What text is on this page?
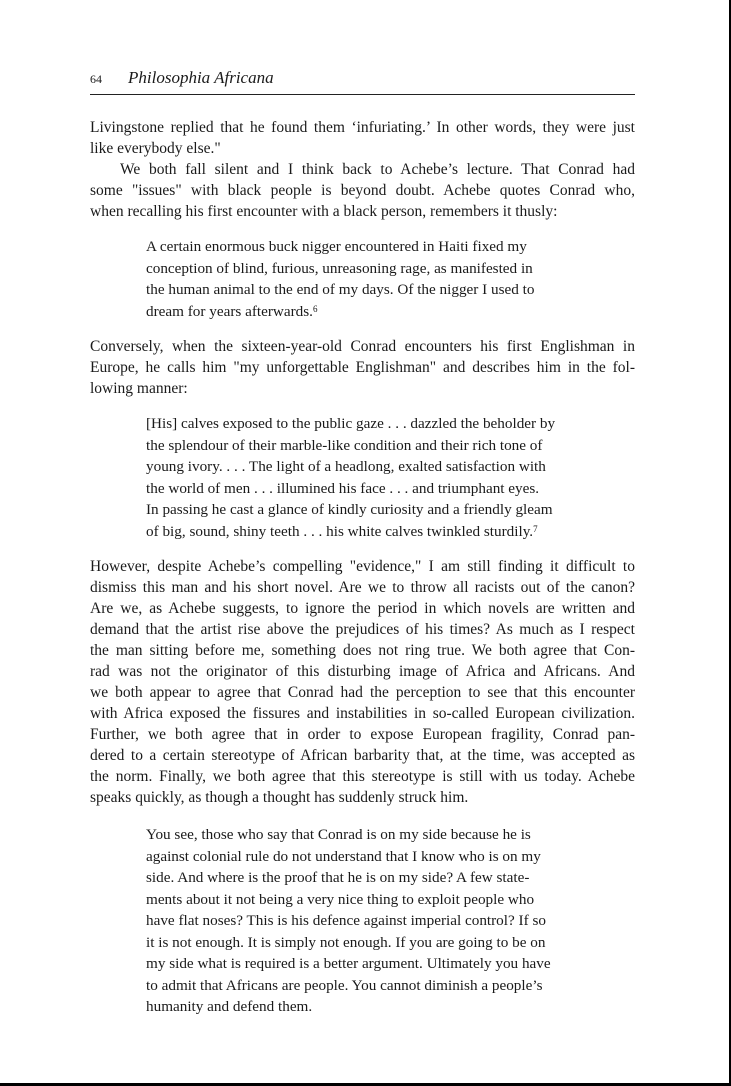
64 Philosophia Africana

Livingstone replied that he found them ‘infuriating.’ In other words, they were just

like everybody else."

We both fall silent and I think back to Achebe’s lecture. That Conrad had

some "issues" with black people is beyond doubt. Achebe quotes Conrad who,

when recalling his first encounter with a black person, remembers it thusly:

A certain enormous buck nigger encountered in Haiti fixed my

conception of blind, furious, unreasoning rage, as manifested in

the human animal to the end of my days. Of the nigger I used to

dream for years afterwards.$^6$

Conversely, when the sixteen-year-old Conrad encounters his first Englishman in

Europe, he calls him "my unforgettable Englishman" and describes him in the fol-

lowing manner:

[His] calves exposed to the public gaze . . . dazzled the beholder by

the splendour of their marble-like condition and their rich tone of

young ivory. . . . The light of a headlong, exalted satisfaction with

the world of men . . . illumined his face . . . and triumphant eyes.

In passing he cast a glance of kindly curiosity and a friendly gleam

of big, sound, shiny teeth . . . his white calves twinkled sturdily.$^7$

However, despite Achebe’s compelling "evidence," I am still finding it difficult to

dismiss this man and his short novel. Are we to throw all racists out of the canon?

Are we, as Achebe suggests, to ignore the period in which novels are written and

demand that the artist rise above the prejudices of his times? As much as I respect

the man sitting before me, something does not ring true. We both agree that Con-

rad was not the originator of this disturbing image of Africa and Africans. And

we both appear to agree that Conrad had the perception to see that this encounter

with Africa exposed the fissures and instabilities in so-called European civilization.

Further, we both agree that in order to expose European fragility, Conrad pan-

dered to a certain stereotype of African barbarity that, at the time, was accepted as

the norm. Finally, we both agree that this stereotype is still with us today. Achebe

speaks quickly, as though a thought has suddenly struck him.

You see, those who say that Conrad is on my side because he is

against colonial rule do not understand that I know who is on my

side. And where is the proof that he is on my side? A few state-

ments about it not being a very nice thing to exploit people who

have flat noses? This is his defence against imperial control? If so

it is not enough. It is simply not enough. If you are going to be on

my side what is required is a better argument. Ultimately you have

to admit that Africans are people. You cannot diminish a people’s

humanity and defend them.
